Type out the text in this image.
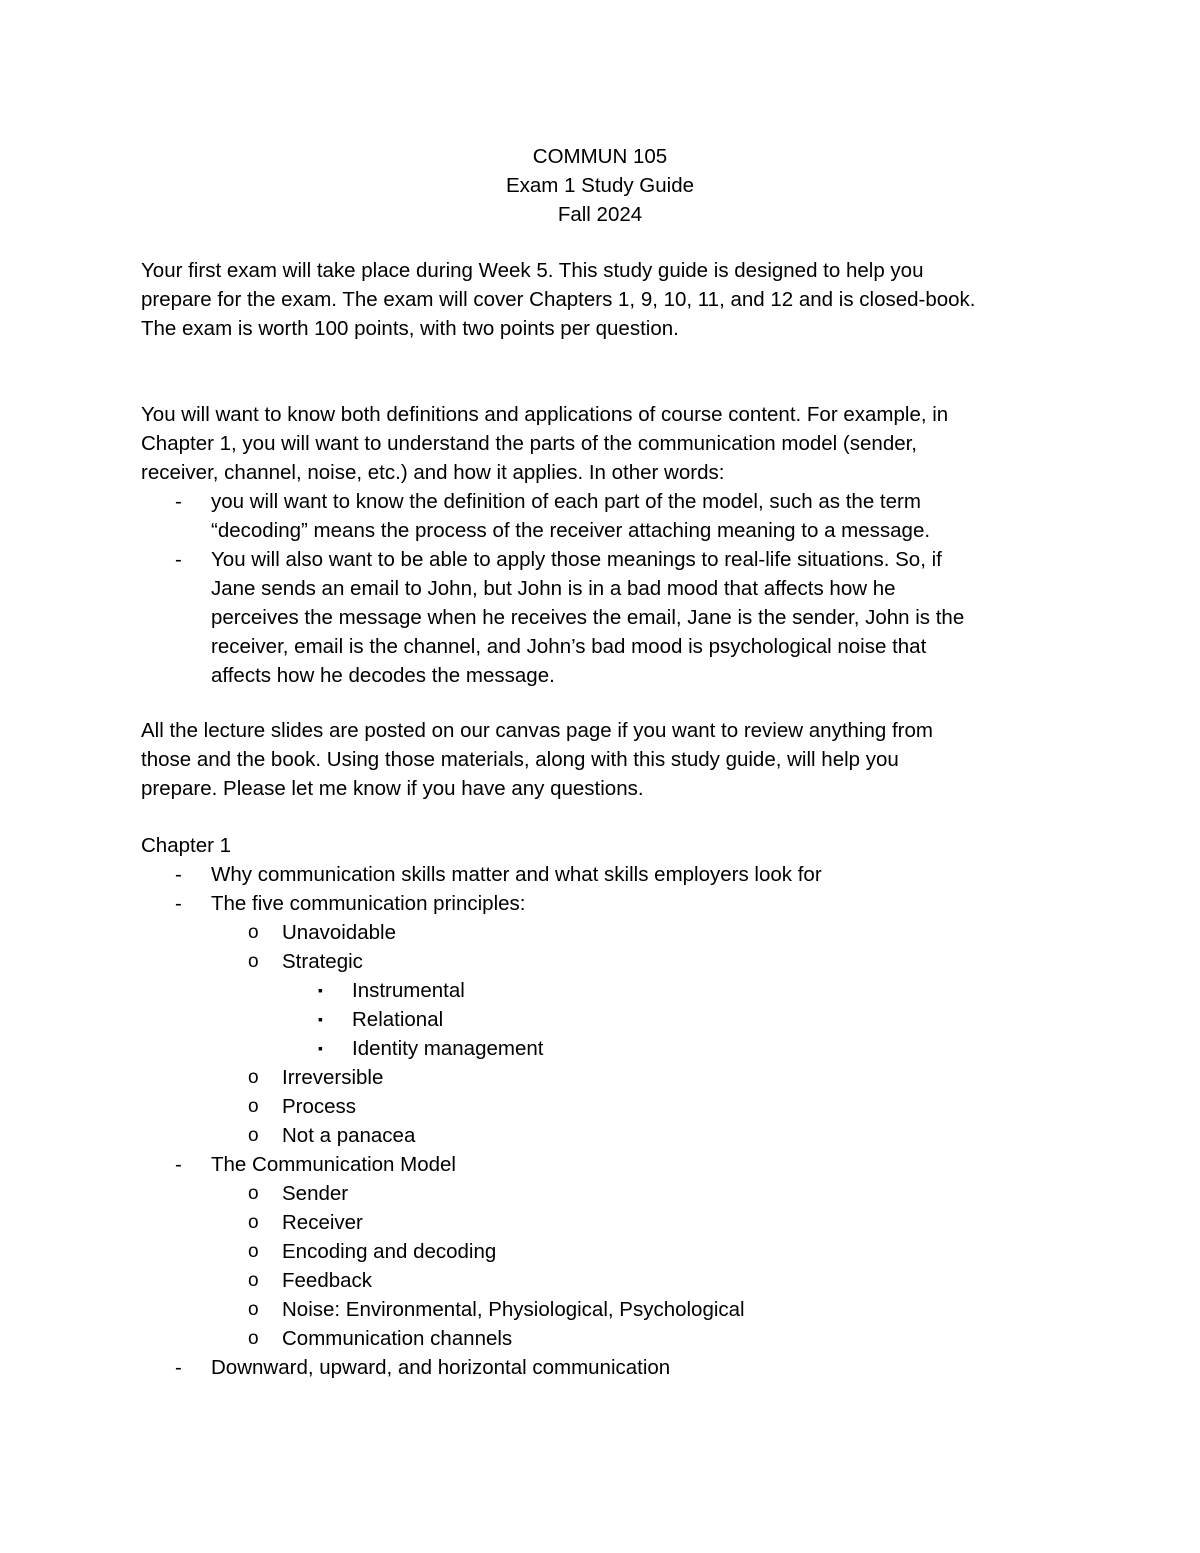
COMMUN 105
Exam 1 Study Guide
Fall 2024
Your first exam will take place during Week 5. This study guide is designed to help you
prepare for the exam. The exam will cover Chapters 1, 9, 10, 11, and 12 and is closed-book.
The exam is worth 100 points, with two points per question.
You will want to know both definitions and applications of course content. For example, in
Chapter 1, you will want to understand the parts of the communication model (sender,
receiver, channel, noise, etc.) and how it applies. In other words:
- you will want to know the definition of each part of the model, such as the term
“decoding” means the process of the receiver attaching meaning to a message.
- You will also want to be able to apply those meanings to real-life situations. So, if
Jane sends an email to John, but John is in a bad mood that affects how he
perceives the message when he receives the email, Jane is the sender, John is the
receiver, email is the channel, and John’s bad mood is psychological noise that
affects how he decodes the message.
All the lecture slides are posted on our canvas page if you want to review anything from
those and the book. Using those materials, along with this study guide, will help you
prepare. Please let me know if you have any questions.
Chapter 1
- Why communication skills matter and what skills employers look for
- The five communication principles:
o Unavoidable
o Strategic
▪ Instrumental
▪ Relational
▪ Identity management
o Irreversible
o Process
o Not a panacea
- The Communication Model
o Sender
o Receiver
o Encoding and decoding
o Feedback
o Noise: Environmental, Physiological, Psychological
o Communication channels
- Downward, upward, and horizontal communication
